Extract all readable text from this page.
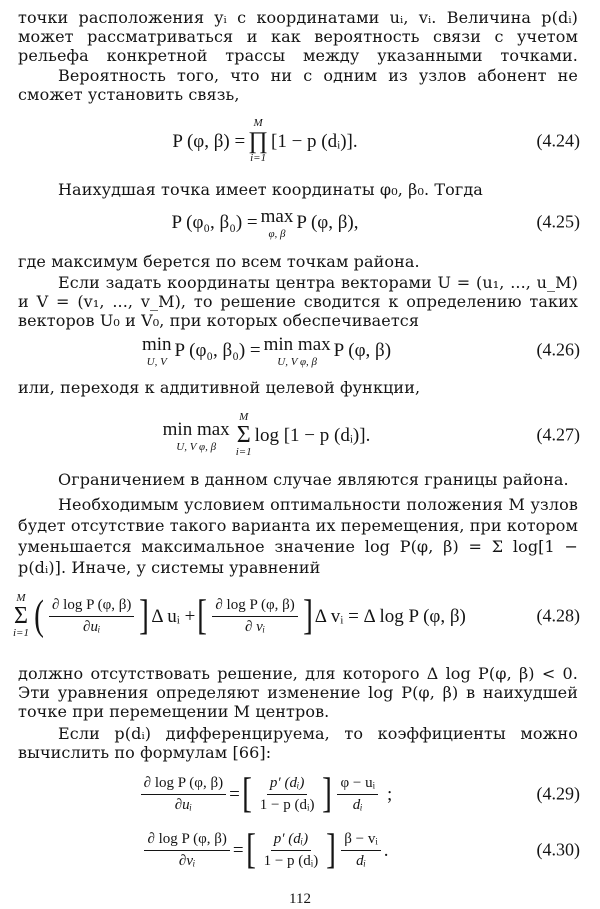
точки расположения yᵢ с координатами uᵢ, vᵢ. Величина p(dᵢ) может рассматриваться и как вероятность связи с учетом рельефа конкретной трассы между указанными точками.
Вероятность того, что ни с одним из узлов абонент не сможет установить связь,
P (φ, β) =
M
∏
i=1
[1 − p (dᵢ)].	(4.24)
Наихудшая точка имеет координаты φ₀, β₀. Тогда
P (φ₀, β₀) = max
φ, β
P (φ, β),	(4.25)
где максимум берется по всем точкам района.
Если задать координаты центра векторами U = (u₁, ..., u_M) и V = (v₁, ..., v_M), то решение сводится к определению таких векторов U₀ и V₀, при которых обеспечивается
min
U, V
P (φ₀, β₀) = min max
U, V φ, β
P (φ, β)	(4.26)
или, переходя к аддитивной целевой функции,
min max
U, V φ, β
M
Σ
i=1
log [1 − p (dᵢ)].	(4.27)
Ограничением в данном случае являются границы района.
Необходимым условием оптимальности положения M узлов будет отсутствие такого варианта их перемещения, при котором уменьшается максимальное значение log P(φ, β) = Σ log[1 − p(dᵢ)]. Иначе, у системы уравнений
M
Σ
i=1 ( $\frac{\text{∂ log P (φ, β)}}{\text{∂uᵢ}}$ ] Δ uᵢ + [ $\frac{\text{∂ log P (φ, β)}}{\text{∂ vᵢ}}$ ] Δ vᵢ = Δ log P (φ, β)	(4.28)
должно отсутствовать решение, для которого Δ log P(φ, β) < 0. Эти уравнения определяют изменение log P(φ, β) в наихудшей точке при перемещении M центров.
Если p(dᵢ) дифференцируема, то коэффициенты можно вычислить по формулам [66]:
$\frac{\text{∂ log P (φ, β)}}{\text{∂uᵢ}}$ = [ $\frac{\text{p′ (dᵢ)}}{\text{1 − p (dᵢ)}}$ ] $\frac{\text{φ − uᵢ}}{\text{dᵢ}}$ ;	(4.29)
$\frac{\text{∂ log P (φ, β)}}{\text{∂vᵢ}}$ = [ $\frac{\text{p′ (dᵢ)}}{\text{1 − p (dᵢ)}}$ ] $\frac{\text{β − vᵢ}}{\text{dᵢ}}$ .	(4.30)
112
